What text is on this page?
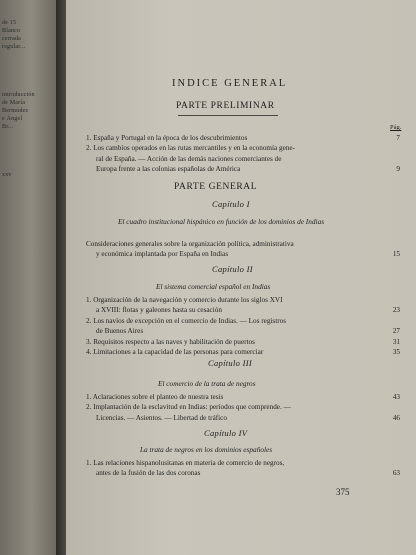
de 15
Blanco
cerrada
regular...
introducción
de María
Bermúdez
e Ángel
Br...
xxv
INDICE GENERAL
PARTE PRELIMINAR
Pág.
1. España y Portugal en la época de los descubrimientos	7
2. Los cambios operados en las rutas mercantiles y en la economía gene-
ral de España. — Acción de las demás naciones comerciantes de
Europa frente a las colonias españolas de América	9
PARTE GENERAL
Capítulo I
El cuadro institucional hispánico en función de los dominios de Indias
Consideraciones generales sobre la organización política, administrativa
y económica implantada por España en Indias	15
Capítulo II
El sistema comercial español en Indias
1. Organización de la navegación y comercio durante los siglos XVI
a XVIII: flotas y galeones hasta su cesación	23
2. Los navíos de excepción en el comercio de Indias. — Los registros
de Buenos Aires	27
3. Requisitos respecto a las naves y habilitación de puertos	31
4. Limitaciones a la capacidad de las personas para comerciar	35
Capítulo III
El comercio de la trata de negros
1. Aclaraciones sobre el planteo de nuestra tesis	43
2. Implantación de la esclavitud en Indias: períodos que comprende. —
Licencias. — Asientos. — Libertad de tráfico	46
Capítulo IV
La trata de negros en los dominios españoles
1. Las relaciones hispanolusitanas en materia de comercio de negros,
antes de la fusión de las dos coronas	63
375
